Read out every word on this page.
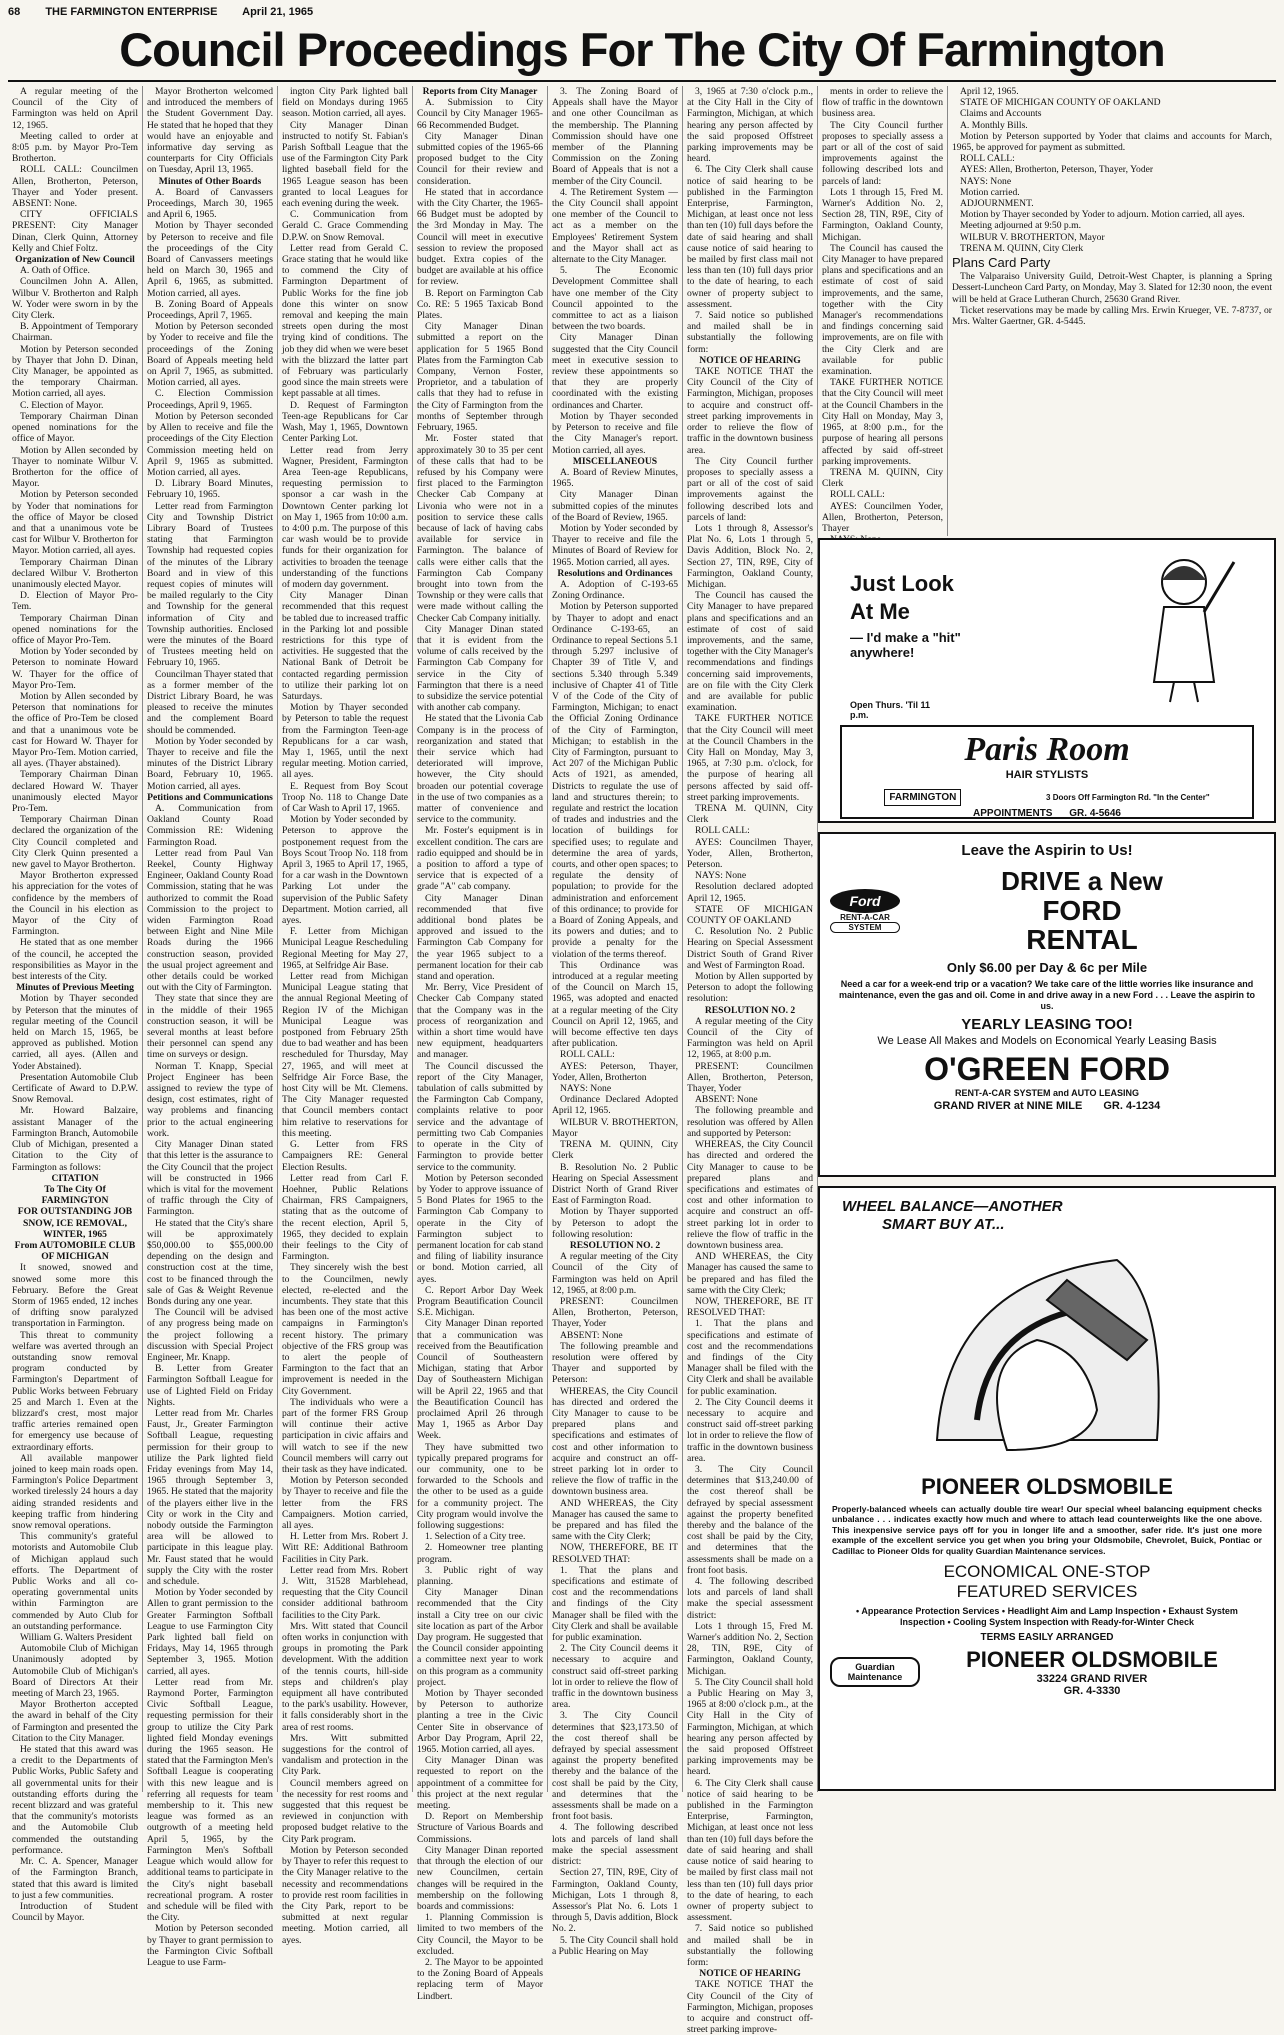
68 THE FARMINGTON ENTERPRISE April 21, 1965
Council Proceedings For The City Of Farmington

A regular meeting of the Council of the City of Farmington was held on April 12, 1965.

Meeting called to order at 8:05 p.m. by Mayor Pro-Tem Brotherton.

ROLL CALL: Councilmen Allen, Brotherton, Peterson, Thayer and Yoder present. ABSENT: None.

CITY OFFICIALS PRESENT: City Manager Dinan, Clerk Quinn, Attorney Kelly and Chief Foltz.

Organization of New Council

A. Oath of Office.

Councilmen John A. Allen, Wilbur V. Brotherton and Ralph W. Yoder were sworn in by the City Clerk.

B. Appointment of Temporary Chairman.

Motion by Peterson seconded by Thayer that John D. Dinan, City Manager, be appointed as the temporary Chairman. Motion carried, all ayes.

C. Election of Mayor.

Temporary Chairman Dinan opened nominations for the office of Mayor.

Motion by Allen seconded by Thayer to nominate Wilbur V. Brotherton for the office of Mayor.

Motion by Peterson seconded by Yoder that nominations for the office of Mayor be closed and that a unanimous vote be cast for Wilbur V. Brotherton for Mayor. Motion carried, all ayes.

Temporary Chairman Dinan declared Wilbur V. Brotherton unanimously elected Mayor.

D. Election of Mayor Pro-Tem.

Temporary Chairman Dinan opened nominations for the office of Mayor Pro-Tem.

Motion by Yoder seconded by Peterson to nominate Howard W. Thayer for the office of Mayor Pro-Tem.

Motion by Allen seconded by Peterson that nominations for the office of Pro-Tem be closed and that a unanimous vote be cast for Howard W. Thayer for Mayor Pro-Tem. Motion carried, all ayes. (Thayer abstained).

Temporary Chairman Dinan declared Howard W. Thayer unanimously elected Mayor Pro-Tem.

Temporary Chairman Dinan declared the organization of the City Council completed and City Clerk Quinn presented a new gavel to Mayor Brotherton.

Mayor Brotherton expressed his appreciation for the votes of confidence by the members of the Council in his election as Mayor of the City of Farmington.

He stated that as one member of the council, he accepted the responsibilities as Mayor in the best interests of the City.

Minutes of Previous Meeting

Motion by Thayer seconded by Peterson that the minutes of regular meeting of the Council held on March 15, 1965, be approved as published. Motion carried, all ayes. (Allen and Yoder Abstained).

Presentation Automobile Club Certificate of Award to D.P.W. Snow Removal.

Mr. Howard Balzaire, assistant Manager of the Farmington Branch, Automobile Club of Michigan, presented a Citation to the City of Farmington as follows:

CITATION

To The City Of FARMINGTON

FOR OUTSTANDING JOB SNOW, ICE REMOVAL, WINTER, 1965

From AUTOMOBILE CLUB OF MICHIGAN

It snowed, snowed and snowed some more this February. Before the Great Storm of 1965 ended, 12 inches of drifting snow paralyzed transportation in Farmington.

This threat to community welfare was averted through an outstanding snow removal program conducted by Farmington's Department of Public Works between February 25 and March 1. Even at the blizzard's crest, most major traffic arteries remained open for emergency use because of extraordinary efforts.

All available manpower joined to keep main roads open. Farmington's Police Department worked tirelessly 24 hours a day aiding stranded residents and keeping traffic from hindering snow removal operations.

This community's grateful motorists and Automobile Club of Michigan applaud such efforts. The Department of Public Works and all co-operating governmental units within Farmington are commended by Auto Club for an outstanding performance.

William G. Walters President

Automobile Club of Michigan Unanimously adopted by Automobile Club of Michigan's Board of Directors At their meeting of March 23, 1965.

Mayor Brotherton accepted the award in behalf of the City of Farmington and presented the Citation to the City Manager.

He stated that this award was a credit to the Departments of Public Works, Public Safety and all governmental units for their outstanding efforts during the recent blizzard and was grateful that the community's motorists and the Automobile Club commended the outstanding performance.

Mr. C. A. Spencer, Manager of the Farmington Branch, stated that this award is limited to just a few communities.

Introduction of Student Council by Mayor.

Mayor Brotherton welcomed and introduced the members of the Student Government Day. He stated that he hoped that they would have an enjoyable and informative day serving as counterparts for City Officials on Tuesday, April 13, 1965.

Minutes of Other Boards

A. Board of Canvassers Proceedings, March 30, 1965 and April 6, 1965.

Motion by Thayer seconded by Peterson to receive and file the proceedings of the City Board of Canvassers meetings held on March 30, 1965 and April 6, 1965, as submitted. Motion carried, all ayes.

B. Zoning Board of Appeals Proceedings, April 7, 1965.

Motion by Peterson seconded by Yoder to receive and file the proceedings of the Zoning Board of Appeals meeting held on April 7, 1965, as submitted. Motion carried, all ayes.

C. Election Commission Proceedings, April 9, 1965.

Motion by Peterson seconded by Allen to receive and file the proceedings of the City Election Commission meeting held on April 9, 1965 as submitted. Motion carried, all ayes.

D. Library Board Minutes, February 10, 1965.

Letter read from Farmington City and Township District Library Board of Trustees stating that Farmington Township had requested copies of the minutes of the Library Board and in view of this request copies of minutes will be mailed regularly to the City and Township for the general information of City and Township authorities. Enclosed were the minutes of the Board of Trustees meeting held on February 10, 1965.

Councilman Thayer stated that as a former member of the District Library Board, he was pleased to receive the minutes and the complement Board should be commended.

Motion by Yoder seconded by Thayer to receive and file the minutes of the District Library Board, February 10, 1965. Motion carried, all ayes.

Petitions and Communications

A. Communication from Oakland County Road Commission RE: Widening Farmington Road.

Letter read from Paul Van Reekel, County Highway Engineer, Oakland County Road Commission, stating that he was authorized to commit the Road Commission to the project to widen Farmington Road between Eight and Nine Mile Roads during the 1966 construction season, provided the usual project agreement and other details could be worked out with the City of Farmington.

They state that since they are in the middle of their 1965 construction season, it will be several months at least before their personnel can spend any time on surveys or design.

Norman T. Knapp, Special Project Engineer has been assigned to review the type of design, cost estimates, right of way problems and financing prior to the actual engineering work.

City Manager Dinan stated that this letter is the assurance to the City Council that the project will be constructed in 1966 which is vital for the movement of traffic through the City of Farmington.

He stated that the City's share will be approximately $50,000.00 to $55,000.00 depending on the design and construction cost at the time, cost to be financed through the sale of Gas & Weight Revenue Bonds during any one year.

The Council will be advised of any progress being made on the project following a discussion with Special Project Engineer, Mr. Knapp.

B. Letter from Greater Farmington Softball League for use of Lighted Field on Friday Nights.

Letter read from Mr. Charles Faust, Jr., Greater Farmington Softball League, requesting permission for their group to utilize the Park lighted field Friday evenings from May 14, 1965 through September 3, 1965. He stated that the majority of the players either live in the City or work in the City and nobody outside the Farmington area will be allowed to participate in this league play. Mr. Faust stated that he would supply the City with the roster and schedule.

Motion by Yoder seconded by Allen to grant permission to the Greater Farmington Softball League to use Farmington City Park lighted ball field on Fridays, May 14, 1965 through September 3, 1965. Motion carried, all ayes.

Letter read from Mr. Raymond Porter, Farmington Civic Softball League, requesting permission for their group to utilize the City Park lighted field Monday evenings during the 1965 season. He stated that the Farmington Men's Softball League is cooperating with this new league and is referring all requests for team membership to it. This new league was formed as an outgrowth of a meeting held April 5, 1965, by the Farmington Men's Softball League which would allow for additional teams to participate in the City's night baseball recreational program. A roster and schedule will be filed with the City.

Motion by Peterson seconded by Thayer to grant permission to the Farmington Civic Softball League to use Farm-

ington City Park lighted ball field on Mondays during 1965 season. Motion carried, all ayes.

City Manager Dinan instructed to notify St. Fabian's Parish Softball League that the use of the Farmington City Park lighted baseball field for the 1965 League season has been granted to local Leagues for each evening during the week.

C. Communication from Gerald C. Grace Commending D.P.W. on Snow Removal.

Letter read from Gerald C. Grace stating that he would like to commend the City of Farmington Department of Public Works for the fine job done this winter on snow removal and keeping the main streets open during the most trying kind of conditions. The job they did when we were beset with the blizzard the latter part of February was particularly good since the main streets were kept passable at all times.

D. Request of Farmington Teen-age Republicans for Car Wash, May 1, 1965, Downtown Center Parking Lot.

Letter read from Jerry Wagner, President, Farmington Area Teen-age Republicans, requesting permission to sponsor a car wash in the Downtown Center parking lot on May 1, 1965 from 10:00 a.m. to 4:00 p.m. The purpose of this car wash would be to provide funds for their organization for activities to broaden the teenage understanding of the functions of modern day government.

City Manager Dinan recommended that this request be tabled due to increased traffic in the Parking lot and possible restrictions for this type of activities. He suggested that the National Bank of Detroit be contacted regarding permission to utilize their parking lot on Saturdays.

Motion by Thayer seconded by Peterson to table the request from the Farmington Teen-age Republicans for a car wash, May 1, 1965, until the next regular meeting. Motion carried, all ayes.

E. Request from Boy Scout Troop No. 118 to Change Date of Car Wash to April 17, 1965.

Motion by Yoder seconded by Peterson to approve the postponement request from the Boys Scout Troop No. 118 from April 3, 1965 to April 17, 1965, for a car wash in the Downtown Parking Lot under the supervision of the Public Safety Department. Motion carried, all ayes.

F. Letter from Michigan Municipal League Rescheduling Regional Meeting for May 27, 1965, at Selfridge Air Base.

Letter read from Michigan Municipal League stating that the annual Regional Meeting of Region IV of the Michigan Municipal League was postponed from February 25th due to bad weather and has been rescheduled for Thursday, May 27, 1965, and will meet at Selfridge Air Force Base, the host City will be Mt. Clemens. The City Manager requested that Council members contact him relative to reservations for this meeting.

G. Letter from FRS Campaigners RE: General Election Results.

Letter read from Carl F. Hoehner, Public Relations Chairman, FRS Campaigners, stating that as the outcome of the recent election, April 5, 1965, they decided to explain their feelings to the City of Farmington.

They sincerely wish the best to the Councilmen, newly elected, re-elected and the incumbents. They state that this has been one of the most active campaigns in Farmington's recent history. The primary objective of the FRS group was to alert the people of Farmington to the fact that an improvement is needed in the City Government.

The individuals who were a part of the former FRS Group will continue their active participation in civic affairs and will watch to see if the new Council members will carry out their task as they have indicated.

Motion by Peterson seconded by Thayer to receive and file the letter from the FRS Campaigners. Motion carried, all ayes.

H. Letter from Mrs. Robert J. Witt RE: Additional Bathroom Facilities in City Park.

Letter read from Mrs. Robert J. Witt, 31528 Marblehead, requesting that the City Council consider additional bathroom facilities to the City Park.

Mrs. Witt stated that Council often works in conjunction with groups in promoting the Park development. With the addition of the tennis courts, hill-side steps and children's play equipment all have contributed to the park's usability. However, it falls considerably short in the area of rest rooms.

Mrs. Witt submitted suggestions for the control of vandalism and protection in the City Park.

Council members agreed on the necessity for rest rooms and suggested that this request be reviewed in conjunction with proposed budget relative to the City Park program.

Motion by Peterson seconded by Thayer to refer this request to the City Manager relative to the necessity and recommendations to provide rest room facilities in the City Park, report to be submitted at next regular meeting. Motion carried, all ayes.

Reports from City Manager

A. Submission to City Council by City Manager 1965-66 Recommended Budget.

City Manager Dinan submitted copies of the 1965-66 proposed budget to the City Council for their review and consideration.

He stated that in accordance with the City Charter, the 1965-66 Budget must be adopted by the 3rd Monday in May. The Council will meet in executive session to review the proposed budget. Extra copies of the budget are available at his office for review.

B. Report on Farmington Cab Co. RE: 5 1965 Taxicab Bond Plates.

City Manager Dinan submitted a report on the application for 5 1965 Bond Plates from the Farmington Cab Company, Vernon Foster, Proprietor, and a tabulation of calls that they had to refuse in the City of Farmington from the months of September through February, 1965.

Mr. Foster stated that approximately 30 to 35 per cent of these calls that had to be refused by his Company were first placed to the Farmington Checker Cab Company at Livonia who were not in a position to service these calls because of lack of having cabs available for service in Farmington. The balance of calls were either calls that the Farmington Cab Company brought into town from the Township or they were calls that were made without calling the Checker Cab Company initially.

City Manager Dinan stated that it is evident from the volume of calls received by the Farmington Cab Company for service in the City of Farmington that there is a need to subsidize the service potential with another cab company.

He stated that the Livonia Cab Company is in the process of reorganization and stated that their service which had deteriorated will improve, however, the City should broaden our potential coverage in the use of two companies as a matter of convenience and service to the community.

Mr. Foster's equipment is in excellent condition. The cars are radio equipped and should be in a position to afford a type of service that is expected of a grade "A" cab company.

City Manager Dinan recommended that five additional bond plates be approved and issued to the Farmington Cab Company for the year 1965 subject to a permanent location for their cab stand and operation.

Mr. Berry, Vice President of Checker Cab Company stated that the Company was in the process of reorganization and within a short time would have new equipment, headquarters and manager.

The Council discussed the report of the City Manager, tabulation of calls submitted by the Farmington Cab Company, complaints relative to poor service and the advantage of permitting two Cab Companies to operate in the City of Farmington to provide better service to the community.

Motion by Peterson seconded by Yoder to approve issuance of 5 Bond Plates for 1965 to the Farmington Cab Company to operate in the City of Farmington subject to permanent location for cab stand and filing of liability insurance or bond. Motion carried, all ayes.

C. Report Arbor Day Week Program Beautification Council S.E. Michigan.

City Manager Dinan reported that a communication was received from the Beautification Council of Southeastern Michigan, stating that Arbor Day of Southeastern Michigan will be April 22, 1965 and that the Beautification Council has proclaimed April 26 through May 1, 1965 as Arbor Day Week.

They have submitted two typically prepared programs for our community, one to be forwarded to the Schools and the other to be used as a guide for a community project. The City program would involve the following suggestions:

1. Selection of a City tree.

2. Homeowner tree planting program.

3. Public right of way planning.

City Manager Dinan recommended that the City install a City tree on our civic site location as part of the Arbor Day program. He suggested that the Council consider appointing a committee next year to work on this program as a community project.

Motion by Thayer seconded by Peterson to authorize planting a tree in the Civic Center Site in observance of Arbor Day Program, April 22, 1965. Motion carried, all ayes.

City Manager Dinan was requested to report on the appointment of a committee for this project at the next regular meeting.

D. Report on Membership Structure of Various Boards and Commissions.

City Manager Dinan reported that through the election of our new Councilmen, certain changes will be required in the membership on the following boards and commissions:

1. Planning Commission is limited to two members of the City Council, the Mayor to be excluded.

2. The Mayor to be appointed to the Zoning Board of Appeals replacing term of Mayor Lindbert.

3. The Zoning Board of Appeals shall have the Mayor and one other Councilman as the membership. The Planning Commission should have one member of the Planning Commission on the Zoning Board of Appeals that is not a member of the City Council.

4. The Retirement System — the City Council shall appoint one member of the Council to act as a member on the Employees' Retirement System and the Mayor shall act as alternate to the City Manager.

5. The Economic Development Committee shall have one member of the City Council appointed to the committee to act as a liaison between the two boards.

City Manager Dinan suggested that the City Council meet in executive session to review these appointments so that they are properly coordinated with the existing ordinances and Charter.

Motion by Thayer seconded by Peterson to receive and file the City Manager's report. Motion carried, all ayes.

MISCELLANEOUS

A. Board of Review Minutes, 1965.

City Manager Dinan submitted copies of the minutes of the Board of Review, 1965.

Motion by Yoder seconded by Thayer to receive and file the Minutes of Board of Review for 1965. Motion carried, all ayes.

Resolutions and Ordinances

A. Adoption of C-193-65 Zoning Ordinance.

Motion by Peterson supported by Thayer to adopt and enact Ordinance C-193-65, an Ordinance to repeal Sections 5.1 through 5.297 inclusive of Chapter 39 of Title V, and sections 5.340 through 5.349 inclusive of Chapter 41 of Title V of the Code of the City of Farmington, Michigan; to enact the Official Zoning Ordinance of the City of Farmington, Michigan; to establish in the City of Farmington, pursuant to Act 207 of the Michigan Public Acts of 1921, as amended, Districts to regulate the use of land and structures therein; to regulate and restrict the location of trades and industries and the location of buildings for specified uses; to regulate and determine the area of yards, courts, and other open spaces; to regulate the density of population; to provide for the administration and enforcement of this ordinance; to provide for a Board of Zoning Appeals, and its powers and duties; and to provide a penalty for the violation of the terms thereof.

This Ordinance was introduced at a regular meeting of the Council on March 15, 1965, was adopted and enacted at a regular meeting of the City Council on April 12, 1965, and will become effective ten days after publication.

ROLL CALL:

AYES: Peterson, Thayer, Yoder, Allen, Brotherton

NAYS: None

Ordinance Declared Adopted April 12, 1965.

WILBUR V. BROTHERTON, Mayor

TRENA M. QUINN, City Clerk

B. Resolution No. 2 Public Hearing on Special Assessment District North of Grand River East of Farmington Road.

Motion by Thayer supported by Peterson to adopt the following resolution:

RESOLUTION NO. 2

A regular meeting of the City Council of the City of Farmington was held on April 12, 1965, at 8:00 p.m.

PRESENT: Councilmen Allen, Brotherton, Peterson, Thayer, Yoder

ABSENT: None

The following preamble and resolution were offered by Thayer and supported by Peterson:

WHEREAS, the City Council has directed and ordered the City Manager to cause to be prepared plans and specifications and estimates of cost and other information to acquire and construct an off-street parking lot in order to relieve the flow of traffic in the downtown business area.

AND WHEREAS, the City Manager has caused the same to be prepared and has filed the same with the City Clerk;

NOW, THEREFORE, BE IT RESOLVED THAT:

1. That the plans and specifications and estimate of cost and the recommendations and findings of the City Manager shall be filed with the City Clerk and shall be available for public examination.

2. The City Council deems it necessary to acquire and construct said off-street parking lot in order to relieve the flow of traffic in the downtown business area.

3. The City Council determines that $23,173.50 of the cost thereof shall be defrayed by special assessment against the property benefited thereby and the balance of the cost shall be paid by the City, and determines that the assessments shall be made on a front foot basis.

4. The following described lots and parcels of land shall make the special assessment district:

Section 27, TIN, R9E, City of Farmington, Oakland County, Michigan, Lots 1 through 8, Assessor's Plat No. 6. Lots 1 through 5, Davis addition, Block No. 2.

5. The City Council shall hold a Public Hearing on May

3, 1965 at 7:30 o'clock p.m., at the City Hall in the City of Farmington, Michigan, at which hearing any person affected by the said proposed Offstreet parking improvements may be heard.

6. The City Clerk shall cause notice of said hearing to be published in the Farmington Enterprise, Farmington, Michigan, at least once not less than ten (10) full days before the date of said hearing and shall cause notice of said hearing to be mailed by first class mail not less than ten (10) full days prior to the date of hearing, to each owner of property subject to assessment.

7. Said notice so published and mailed shall be in substantially the following form:

NOTICE OF HEARING

TAKE NOTICE THAT the City Council of the City of Farmington, Michigan, proposes to acquire and construct off-street parking improvements in order to relieve the flow of traffic in the downtown business area.

The City Council further proposes to specially assess a part or all of the cost of said improvements against the following described lots and parcels of land:

Lots 1 through 8, Assessor's Plat No. 6, Lots 1 through 5, Davis Addition, Block No. 2, Section 27, TIN, R9E, City of Farmington, Oakland County, Michigan.

The Council has caused the City Manager to have prepared plans and specifications and an estimate of cost of said improvements, and the same, together with the City Manager's recommendations and findings concerning said improvements, are on file with the City Clerk and are available for public examination.

TAKE FURTHER NOTICE that the City Council will meet at the Council Chambers in the City Hall on Monday, May 3, 1965, at 7:30 p.m. o'clock, for the purpose of hearing all persons affected by said off-street parking improvements.

TRENA M. QUINN, City Clerk

ROLL CALL:

AYES: Councilmen Thayer, Yoder, Allen, Brotherton, Peterson.

NAYS: None

Resolution declared adopted April 12, 1965.

STATE OF MICHIGAN COUNTY OF OAKLAND

C. Resolution No. 2 Public Hearing on Special Assessment District South of Grand River and West of Farmington Road.

Motion by Allen supported by Peterson to adopt the following resolution:

RESOLUTION NO. 2

A regular meeting of the City Council of the City of Farmington was held on April 12, 1965, at 8:00 p.m.

PRESENT: Councilmen Allen, Brotherton, Peterson, Thayer, Yoder

ABSENT: None

The following preamble and resolution was offered by Allen and supported by Peterson:

WHEREAS, the City Council has directed and ordered the City Manager to cause to be prepared plans and specifications and estimates of cost and other information to acquire and construct an off-street parking lot in order to relieve the flow of traffic in the downtown business area.

AND WHEREAS, the City Manager has caused the same to be prepared and has filed the same with the City Clerk;

NOW, THEREFORE, BE IT RESOLVED THAT:

1. That the plans and specifications and estimate of cost and the recommendations and findings of the City Manager shall be filed with the City Clerk and shall be available for public examination.

2. The City Council deems it necessary to acquire and construct said off-street parking lot in order to relieve the flow of traffic in the downtown business area.

3. The City Council determines that $13,240.00 of the cost thereof shall be defrayed by special assessment against the property benefited thereby and the balance of the cost shall be paid by the City, and determines that the assessments shall be made on a front foot basis.

4. The following described lots and parcels of land shall make the special assessment district:

Lots 1 through 15, Fred M. Warner's addition No. 2, Section 28, TIN, R9E, City of Farmington, Oakland County, Michigan.

5. The City Council shall hold a Public Hearing on May 3, 1965 at 8:00 o'clock p.m., at the City Hall in the City of Farmington, Michigan, at which hearing any person affected by the said proposed Offstreet parking improvements may be heard.

6. The City Clerk shall cause notice of said hearing to be published in the Farmington Enterprise, Farmington, Michigan, at least once not less than ten (10) full days before the date of said hearing and shall cause notice of said hearing to be mailed by first class mail not less than ten (10) full days prior to the date of hearing, to each owner of property subject to assessment.

7. Said notice so published and mailed shall be in substantially the following form:

NOTICE OF HEARING

TAKE NOTICE THAT the City Council of the City of Farmington, Michigan, proposes to acquire and construct off-street parking improve-

ments in order to relieve the flow of traffic in the downtown business area.

The City Council further proposes to specially assess a part or all of the cost of said improvements against the following described lots and parcels of land:

Lots 1 through 15, Fred M. Warner's Addition No. 2, Section 28, TIN, R9E, City of Farmington, Oakland County, Michigan.

The Council has caused the City Manager to have prepared plans and specifications and an estimate of cost of said improvements, and the same, together with the City Manager's recommendations and findings concerning said improvements, are on file with the City Clerk and are available for public examination.

TAKE FURTHER NOTICE that the City Council will meet at the Council Chambers in the City Hall on Monday, May 3, 1965, at 8:00 p.m., for the purpose of hearing all persons affected by said off-street parking improvements.

TRENA M. QUINN, City Clerk

ROLL CALL:

AYES: Councilmen Yoder, Allen, Brotherton, Peterson, Thayer

April 12, 1965.

STATE OF MICHIGAN COUNTY OF OAKLAND

Claims and Accounts

A. Monthly Bills.

Motion by Peterson supported by Yoder that claims and accounts for March, 1965, be approved for payment as submitted.

ROLL CALL:

AYES: Allen, Brotherton, Peterson, Thayer, Yoder

NAYS: None

Motion carried.

ADJOURNMENT.

Motion by Thayer seconded by Yoder to adjourn. Motion carried, all ayes.

Meeting adjourned at 9:50 p.m.

WILBUR V. BROTHERTON, Mayor

TRENA M. QUINN, City Clerk

Plans Card Party

The Valparaiso University Guild, Detroit-West Chapter, is planning a Spring Dessert-Luncheon Card Party, on Monday, May 3. Slated for 12:30 noon, the event will be held at Grace Lutheran Church, 25630 Grand River.

Ticket reservations may be made by calling Mrs. Erwin Krueger, VE. 7-8737, or Mrs. Walter Gaertner, GR. 4-5445.

Just Look
At Me
— I'd make a "hit" anywhere!
Open Thurs. 'Til 11 p.m.
Paris Room
HAIR STYLISTS
FARMINGTON	3 Doors Off Farmington Rd. "In the Center"
APPOINTMENTS GR. 4-5646
Leave the Aspirin to Us!
Ford
RENT-A-CAR
SYSTEM
DRIVE a New
FORD
RENTAL
Only $6.00 per Day & 6c per Mile
Need a car for a week-end trip or a vacation? We take care of the little worries like insurance and maintenance, even the gas and oil. Come in and drive away in a new Ford . . . Leave the aspirin to us.
YEARLY LEASING TOO!
We Lease All Makes and Models on Economical Yearly Leasing Basis
O'GREEN FORD
RENT-A-CAR SYSTEM and AUTO LEASING
GRAND RIVER at NINE MILE GR. 4-1234
WHEEL BALANCE—ANOTHER
SMART BUY AT...
PIONEER OLDSMOBILE
Properly-balanced wheels can actually double tire wear! Our special wheel balancing equipment checks unbalance . . . indicates exactly how much and where to attach lead counterweights like the one above. This inexpensive service pays off for you in longer life and a smoother, safer ride. It's just one more example of the excellent service you get when you bring your Oldsmobile, Chevrolet, Buick, Pontiac or Cadillac to Pioneer Olds for quality Guardian Maintenance services.
ECONOMICAL ONE-STOP
FEATURED SERVICES
• Appearance Protection Services • Headlight Aim and Lamp Inspection • Exhaust System Inspection • Cooling System Inspection with Ready-for-Winter Check
TERMS EASILY ARRANGED
Guardian Maintenance
PIONEER OLDSMOBILE
33224 GRAND RIVER
GR. 4-3330
